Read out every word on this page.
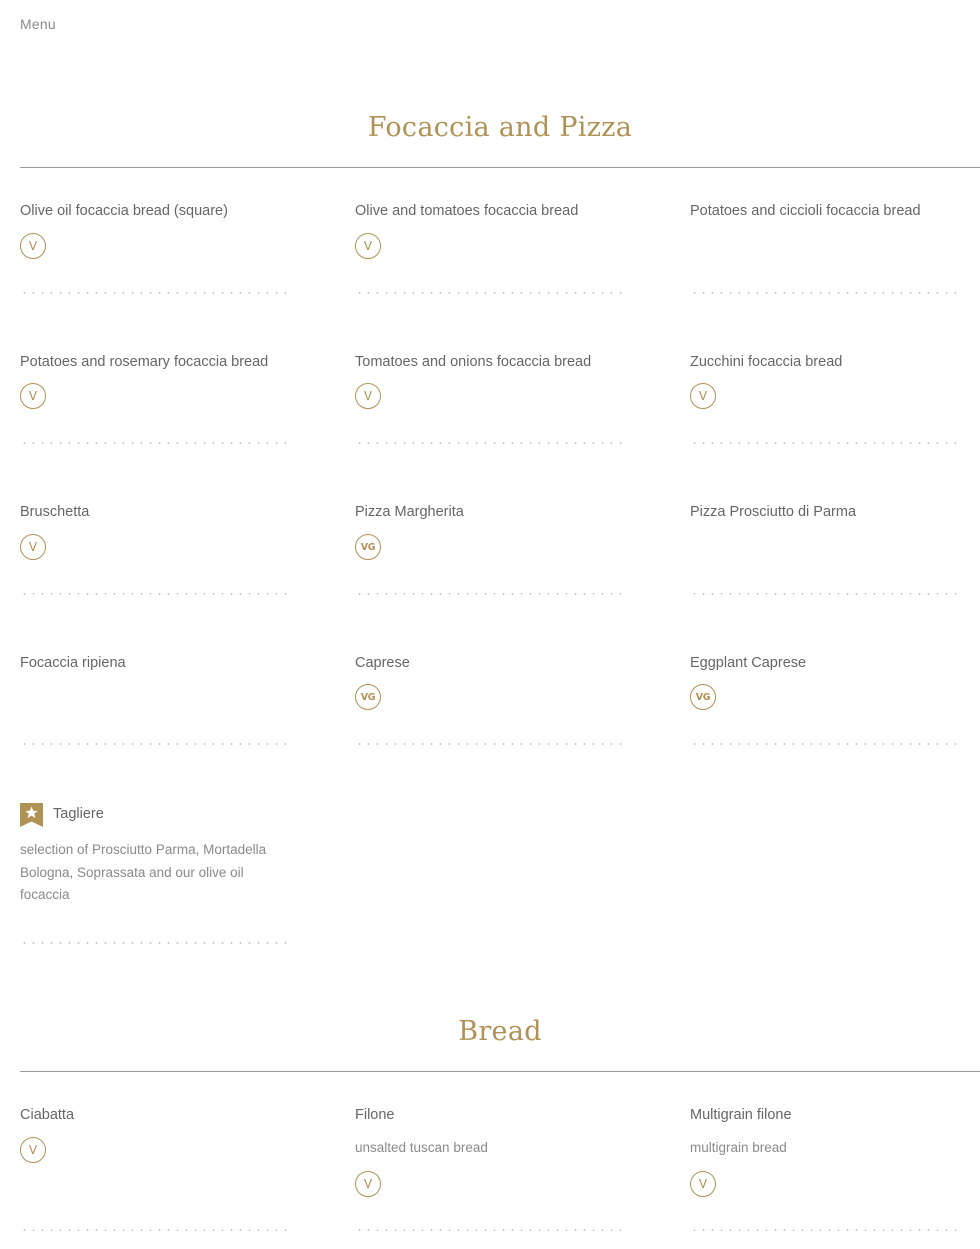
Menu
Focaccia and Pizza
Olive oil focaccia bread (square)
V
Olive and tomatoes focaccia bread
V
Potatoes and ciccioli focaccia bread
Potatoes and rosemary focaccia bread
V
Tomatoes and onions focaccia bread
V
Zucchini focaccia bread
V
Bruschetta
V
Pizza Margherita
VG
Pizza Prosciutto di Parma
Focaccia ripiena	Caprese
VG
Eggplant Caprese
VG
Tagliere
selection of Prosciutto Parma, Mortadella Bologna, Soprassata and our olive oil focaccia
Bread
Ciabatta
V
Filone
unsalted tuscan bread
V
Multigrain filone
multigrain bread
V
